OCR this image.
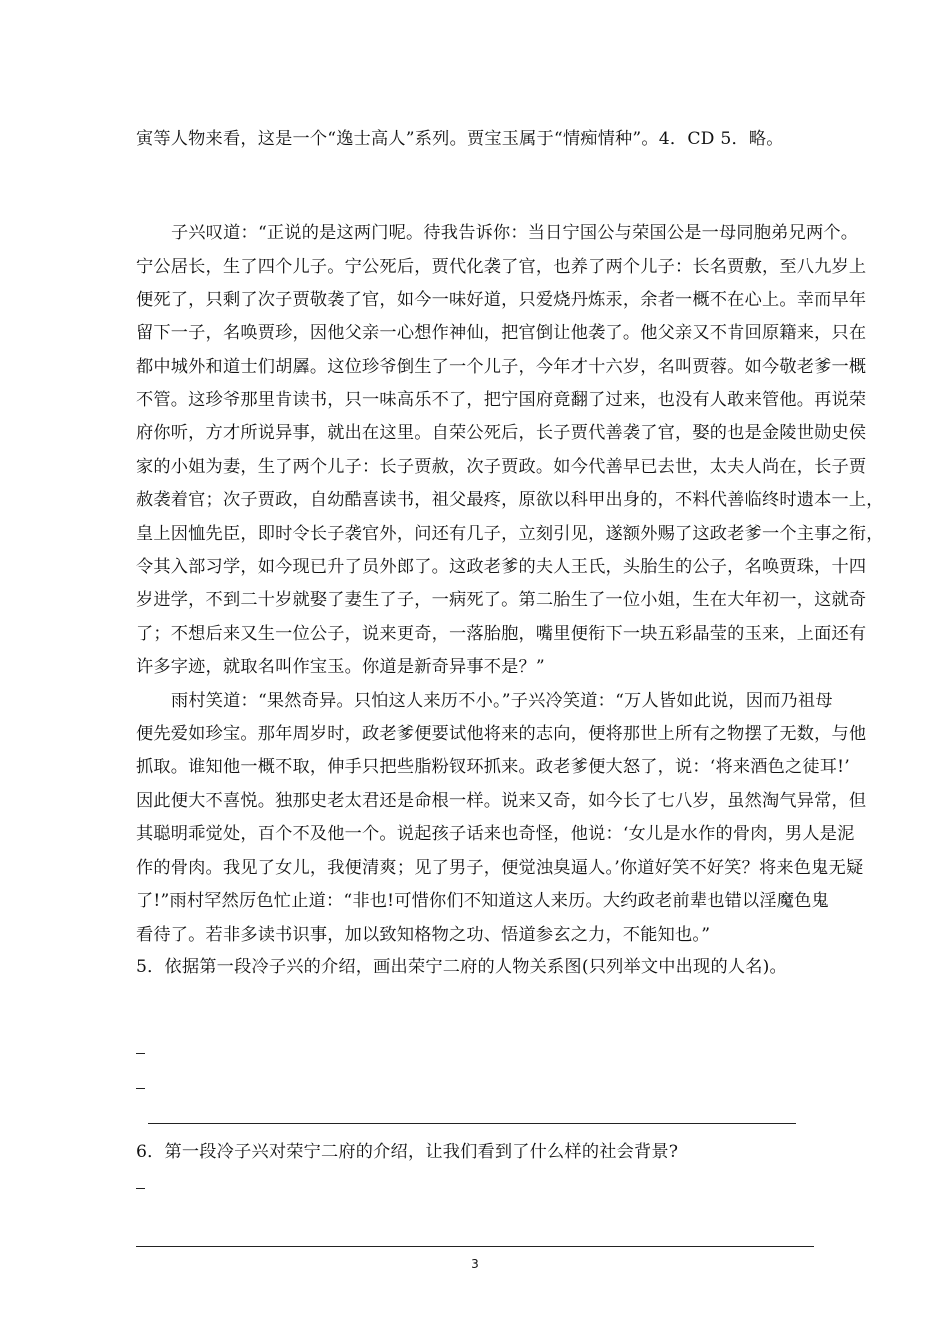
寅等人物来看，这是一个“逸士高人”系列。贾宝玉属于“情痴情种”。4．CD 5．略。
子兴叹道：“正说的是这两门呢。待我告诉你：当日宁国公与荣国公是一母同胞弟兄两个。
宁公居长，生了四个儿子。宁公死后，贾代化袭了官，也养了两个儿子：长名贾敷，至八九岁上
便死了，只剩了次子贾敬袭了官，如今一味好道，只爱烧丹炼汞，余者一概不在心上。幸而早年
留下一子，名唤贾珍，因他父亲一心想作神仙，把官倒让他袭了。他父亲又不肯回原籍来，只在
都中城外和道士们胡羼。这位珍爷倒生了一个儿子，今年才十六岁，名叫贾蓉。如今敬老爹一概
不管。这珍爷那里肯读书，只一味高乐不了，把宁国府竟翻了过来，也没有人敢来管他。再说荣
府你听，方才所说异事，就出在这里。自荣公死后，长子贾代善袭了官，娶的也是金陵世勋史侯
家的小姐为妻，生了两个儿子：长子贾赦，次子贾政。如今代善早已去世，太夫人尚在，长子贾
赦袭着官；次子贾政，自幼酷喜读书，祖父最疼，原欲以科甲出身的，不料代善临终时遗本一上，
皇上因恤先臣，即时令长子袭官外，问还有几子，立刻引见，遂额外赐了这政老爹一个主事之衔，
令其入部习学，如今现已升了员外郎了。这政老爹的夫人王氏，头胎生的公子，名唤贾珠，十四
岁进学，不到二十岁就娶了妻生了子，一病死了。第二胎生了一位小姐，生在大年初一，这就奇
了；不想后来又生一位公子，说来更奇，一落胎胞，嘴里便衔下一块五彩晶莹的玉来，上面还有
许多字迹，就取名叫作宝玉。你道是新奇异事不是？”
雨村笑道：“果然奇异。只怕这人来历不小。”子兴冷笑道：“万人皆如此说，因而乃祖母
便先爱如珍宝。那年周岁时，政老爹便要试他将来的志向，便将那世上所有之物摆了无数，与他
抓取。谁知他一概不取，伸手只把些脂粉钗环抓来。政老爹便大怒了，说：‘将来酒色之徒耳!’
因此便大不喜悦。独那史老太君还是命根一样。说来又奇，如今长了七八岁，虽然淘气异常，但
其聪明乖觉处，百个不及他一个。说起孩子话来也奇怪，他说：‘女儿是水作的骨肉，男人是泥
作的骨肉。我见了女儿，我便清爽；见了男子，便觉浊臭逼人。’你道好笑不好笑？将来色鬼无疑
了!”雨村罕然厉色忙止道：“非也!可惜你们不知道这人来历。大约政老前辈也错以淫魔色鬼
看待了。若非多读书识事，加以致知格物之功、悟道参玄之力，不能知也。”
5．依据第一段冷子兴的介绍，画出荣宁二府的人物关系图(只列举文中出现的人名)。
6．第一段冷子兴对荣宁二府的介绍，让我们看到了什么样的社会背景?
3
